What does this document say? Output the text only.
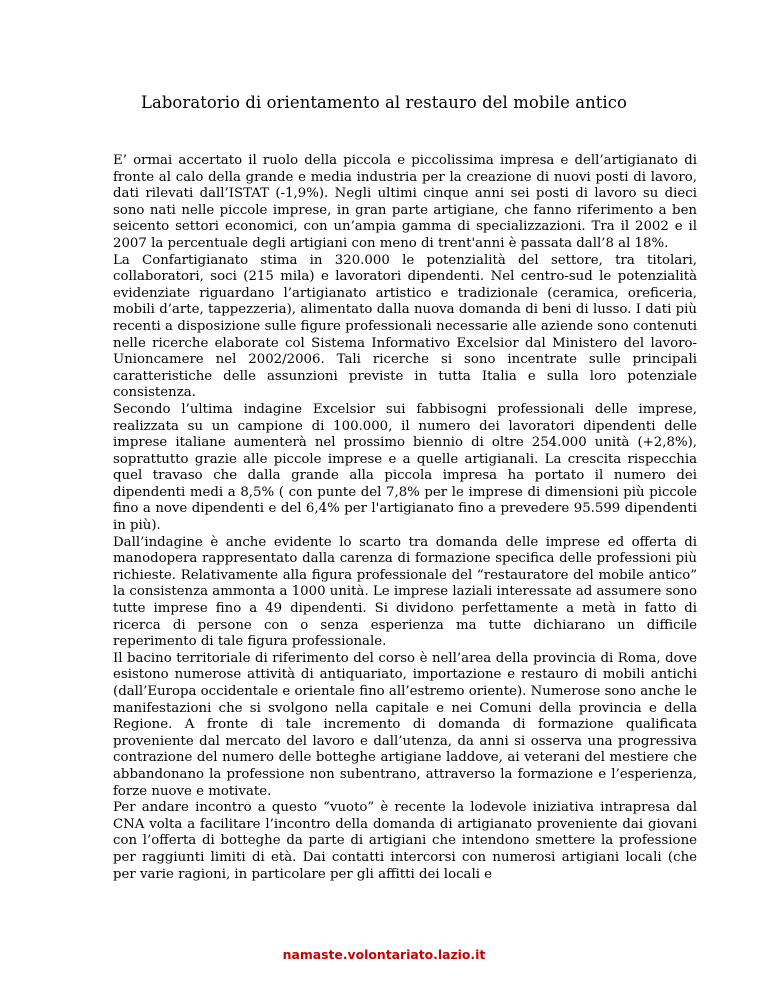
Laboratorio di orientamento al restauro del mobile antico

E’ ormai accertato il ruolo della piccola e piccolissima impresa e dell’artigianato di fronte al calo della grande e media industria per la creazione di nuovi posti di lavoro, dati rilevati dall’ISTAT (-1,9%). Negli ultimi cinque anni sei posti di lavoro su dieci sono nati nelle piccole imprese, in gran parte artigiane, che fanno riferimento a ben seicento settori economici, con un’ampia gamma di specializzazioni. Tra il 2002 e il 2007 la percentuale degli artigiani con meno di trent'anni è passata dall’8 al 18%.

La Confartigianato stima in 320.000 le potenzialità del settore, tra titolari, collaboratori, soci (215 mila) e lavoratori dipendenti. Nel centro-sud le potenzialità evidenziate riguardano l’artigianato artistico e tradizionale (ceramica, oreficeria, mobili d’arte, tappezzeria), alimentato dalla nuova domanda di beni di lusso. I dati più recenti a disposizione sulle figure professionali necessarie alle aziende sono contenuti nelle ricerche elaborate col Sistema Informativo Excelsior dal Ministero del lavoro-Unioncamere nel 2002/2006. Tali ricerche si sono incentrate sulle principali caratteristiche delle assunzioni previste in tutta Italia e sulla loro potenziale consistenza.

Secondo l’ultima indagine Excelsior sui fabbisogni professionali delle imprese, realizzata su un campione di 100.000, il numero dei lavoratori dipendenti delle imprese italiane aumenterà nel prossimo biennio di oltre 254.000 unità (+2,8%), soprattutto grazie alle piccole imprese e a quelle artigianali. La crescita rispecchia quel travaso che dalla grande alla piccola impresa ha portato il numero dei dipendenti medi a 8,5% ( con punte del 7,8% per le imprese di dimensioni più piccole fino a nove dipendenti e del 6,4% per l'artigianato fino a prevedere 95.599 dipendenti in più).

Dall’indagine è anche evidente lo scarto tra domanda delle imprese ed offerta di manodopera rappresentato dalla carenza di formazione specifica delle professioni più richieste. Relativamente alla figura professionale del “restauratore del mobile antico” la consistenza ammonta a 1000 unità. Le imprese laziali interessate ad assumere sono tutte imprese fino a 49 dipendenti. Si dividono perfettamente a metà in fatto di ricerca di persone con o senza esperienza ma tutte dichiarano un difficile reperimento di tale figura professionale.

Il bacino territoriale di riferimento del corso è nell’area della provincia di Roma, dove esistono numerose attività di antiquariato, importazione e restauro di mobili antichi (dall’Europa occidentale e orientale fino all’estremo oriente). Numerose sono anche le manifestazioni che si svolgono nella capitale e nei Comuni della provincia e della Regione. A fronte di tale incremento di domanda di formazione qualificata proveniente dal mercato del lavoro e dall’utenza, da anni si osserva una progressiva contrazione del numero delle botteghe artigiane laddove, ai veterani del mestiere che abbandonano la professione non subentrano, attraverso la formazione e l’esperienza, forze nuove e motivate.

Per andare incontro a questo “vuoto” è recente la lodevole iniziativa intrapresa dal CNA volta a facilitare l’incontro della domanda di artigianato proveniente dai giovani con l’offerta di botteghe da parte di artigiani che intendono smettere la professione per raggiunti limiti di età. Dai contatti intercorsi con numerosi artigiani locali (che per varie ragioni, in particolare per gli affitti dei locali e

namaste.volontariato.lazio.it
